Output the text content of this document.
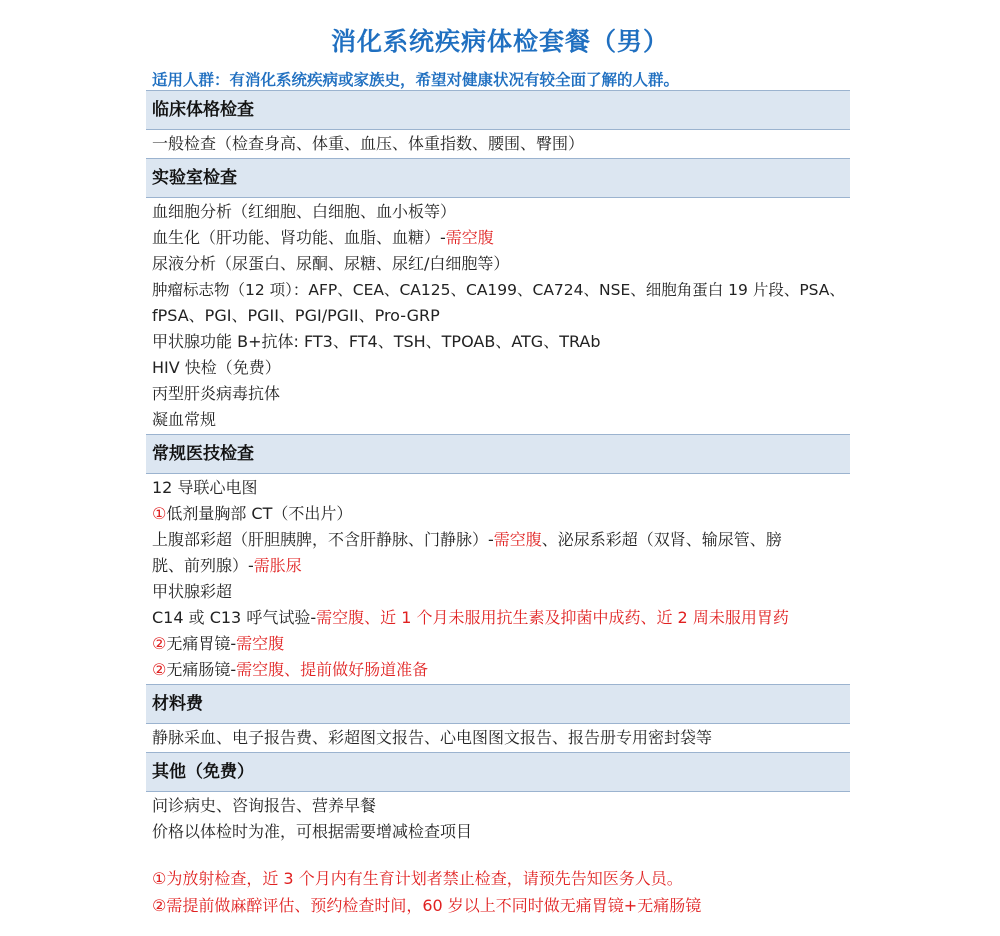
消化系统疾病体检套餐（男）
适用人群：有消化系统疾病或家族史，希望对健康状况有较全面了解的人群。
临床体格检查
一般检查（检查身高、体重、血压、体重指数、腰围、臀围）
实验室检查
血细胞分析（红细胞、白细胞、血小板等）
血生化（肝功能、肾功能、血脂、血糖）-需空腹
尿液分析（尿蛋白、尿酮、尿糖、尿红/白细胞等）
肿瘤标志物（12 项）：AFP、CEA、CA125、CA199、CA724、NSE、细胞角蛋白 19 片段、PSA、
fPSA、PGI、PGII、PGI/PGII、Pro-GRP
甲状腺功能 B+抗体: FT3、FT4、TSH、TPOAB、ATG、TRAb
HIV 快检（免费）
丙型肝炎病毒抗体
凝血常规
常规医技检查
12 导联心电图
①低剂量胸部 CT（不出片）
上腹部彩超（肝胆胰脾，不含肝静脉、门静脉）-需空腹、泌尿系彩超（双肾、输尿管、膀
胱、前列腺）-需胀尿
甲状腺彩超
C14 或 C13 呼气试验-需空腹、近 1 个月未服用抗生素及抑菌中成药、近 2 周未服用胃药
②无痛胃镜-需空腹
②无痛肠镜-需空腹、提前做好肠道准备
材料费
静脉采血、电子报告费、彩超图文报告、心电图图文报告、报告册专用密封袋等
其他（免费）
问诊病史、咨询报告、营养早餐
价格以体检时为准，可根据需要增减检查项目
①为放射检查，近 3 个月内有生育计划者禁止检查，请预先告知医务人员。
②需提前做麻醉评估、预约检查时间，60 岁以上不同时做无痛胃镜+无痛肠镜
